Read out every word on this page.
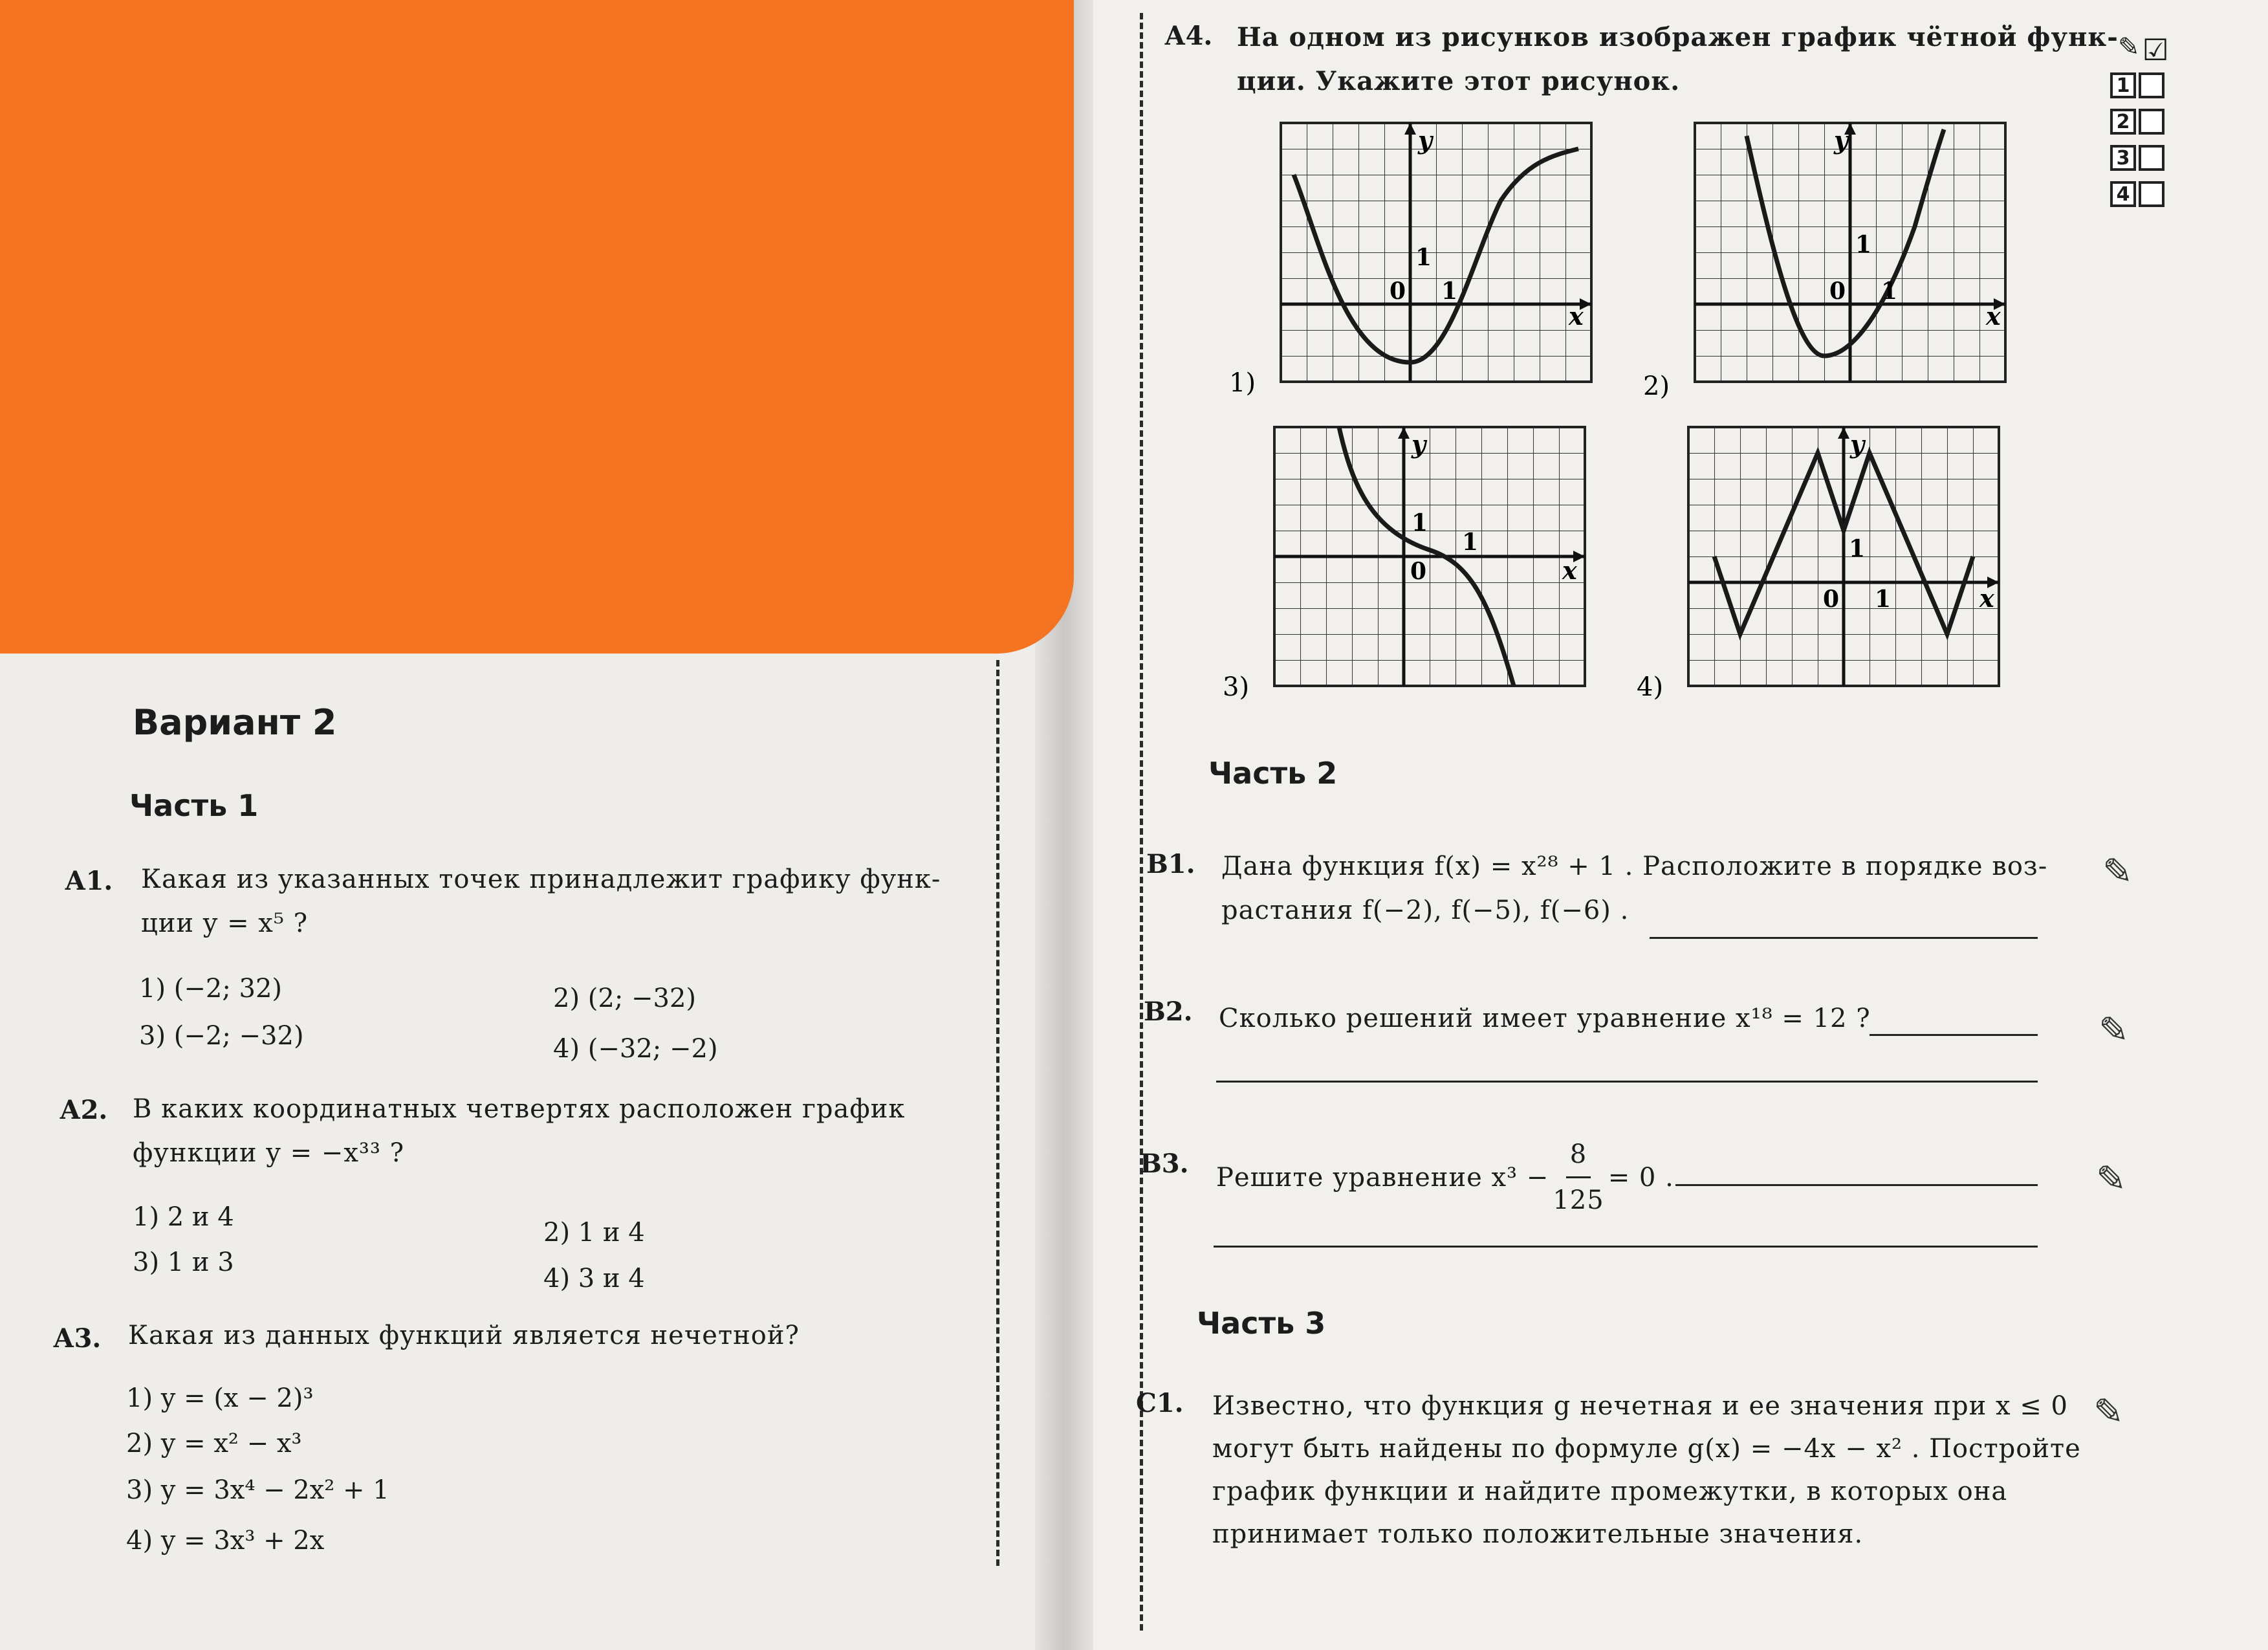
Вариант 2
Часть 1
А1. Какая из указанных точек принадлежит графику функ-
ции y = x⁵ ?
1) (−2; 32)	2) (2; −32)
3) (−2; −32)	4) (−32; −2)
А2. В каких координатных четвертях расположен график
функции y = −x³³ ?
1) 2 и 4
2) 1 и 4
3) 1 и 3
4) 3 и 4
А3. Какая из данных функций является нечетной?
1) y = (x − 2)³
2) y = x² − x³
3) y = 3x⁴ − 2x² + 1
4) y = 3x³ + 2x
А4. На одном из рисунков изображен график чётной функ-
ции. Укажите этот рисунок.
✎ ☑
1
2
3
4
0 1
1
x
y
0 1
1
x
y
1
1
0	x
y
1
1
0	x
y
1)	2)
3)	4)
Часть 2
В1. Дана функция f(x) = x²⁸ + 1 . Расположите в порядке воз-
растания f(−2), f(−5), f(−6) .
✎
В2. Сколько решений имеет уравнение x¹⁸ = 12 ?	✎
В3. Решите уравнение $x^3 - \frac{8}{125} = 0$ .	✎
Часть 3
С1. Известно, что функция g нечетная и ее значения при x ≤ 0
могут быть найдены по формуле g(x) = −4x − x² . Постройте
график функции и найдите промежутки, в которых она
принимает только положительные значения.
✎
